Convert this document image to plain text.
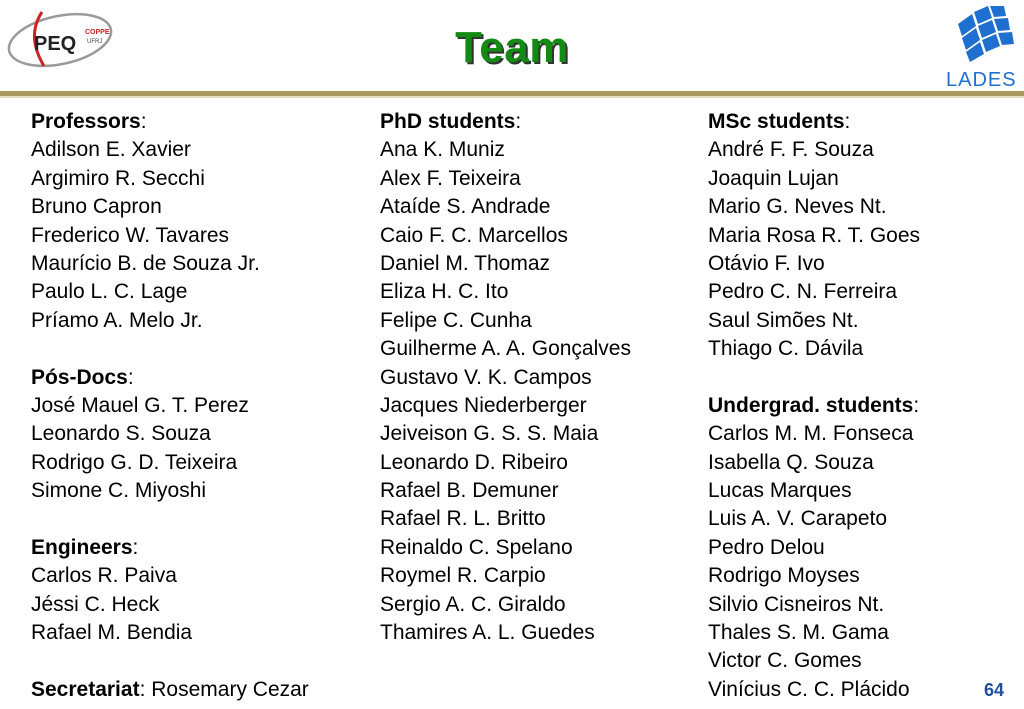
PEQ
COPPE
UFRJ
LADES
Team
Professors:
Adilson E. Xavier
Argimiro R. Secchi
Bruno Capron
Frederico W. Tavares
Maurício B. de Souza Jr.
Paulo L. C. Lage
Príamo A. Melo Jr.
Pós-Docs:
José Mauel G. T. Perez
Leonardo S. Souza
Rodrigo G. D. Teixeira
Simone C. Miyoshi
Engineers:
Carlos R. Paiva
Jéssi C. Heck
Rafael M. Bendia
Secretariat: Rosemary Cezar
PhD students:
Ana K. Muniz
Alex F. Teixeira
Ataíde S. Andrade
Caio F. C. Marcellos
Daniel M. Thomaz
Eliza H. C. Ito
Felipe C. Cunha
Guilherme A. A. Gonçalves
Gustavo V. K. Campos
Jacques Niederberger
Jeiveison G. S. S. Maia
Leonardo D. Ribeiro
Rafael B. Demuner
Rafael R. L. Britto
Reinaldo C. Spelano
Roymel R. Carpio
Sergio A. C. Giraldo
Thamires A. L. Guedes
MSc students:
André F. F. Souza
Joaquin Lujan
Mario G. Neves Nt.
Maria Rosa R. T. Goes
Otávio F. Ivo
Pedro C. N. Ferreira
Saul Simões Nt.
Thiago C. Dávila
Undergrad. students:
Carlos M. M. Fonseca
Isabella Q. Souza
Lucas Marques
Luis A. V. Carapeto
Pedro Delou
Rodrigo Moyses
Silvio Cisneiros Nt.
Thales S. M. Gama
Victor C. Gomes
Vinícius C. C. Plácido	64
